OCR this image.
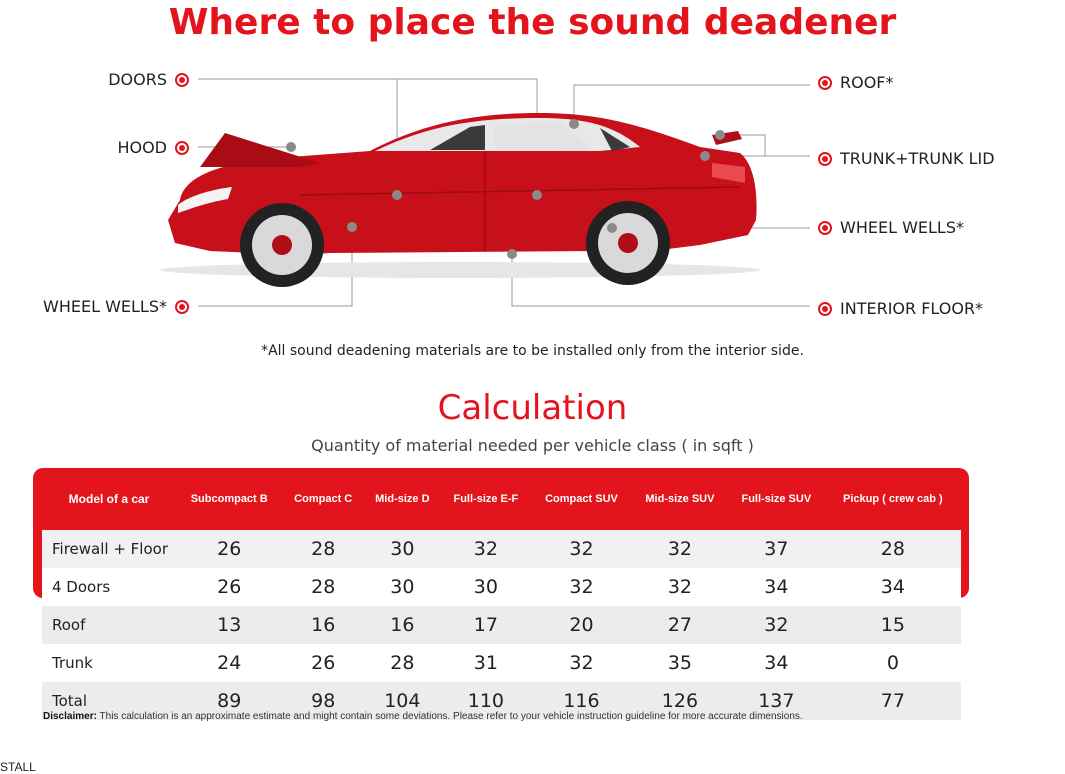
Where to place the sound deadener
DOORS
HOOD
WHEEL WELLS*
ROOF*
TRUNK+TRUNK LID
WHEEL WELLS*
INTERIOR FLOOR*
*All sound deadening materials are to be installed only from the interior side.
Calculation
Quantity of material needed per vehicle class ( in sqft )
Model of a car	Subcompact B	Compact C	Mid-size D	Full-size E-F	Compact SUV	Mid-size SUV	Full-size SUV	Pickup ( crew cab )
Firewall + Floor	26	28	30	32	32	32	37	28
4 Doors	26	28	30	30	32	32	34	34
Roof	13	16	16	17	20	27	32	15
Trunk	24	26	28	31	32	35	34	0
Total	89	98	104	110	116	126	137	77
Disclaimer: This calculation is an approximate estimate and might contain some deviations. Please refer to your vehicle instruction guideline for more accurate dimensions.
STALL
